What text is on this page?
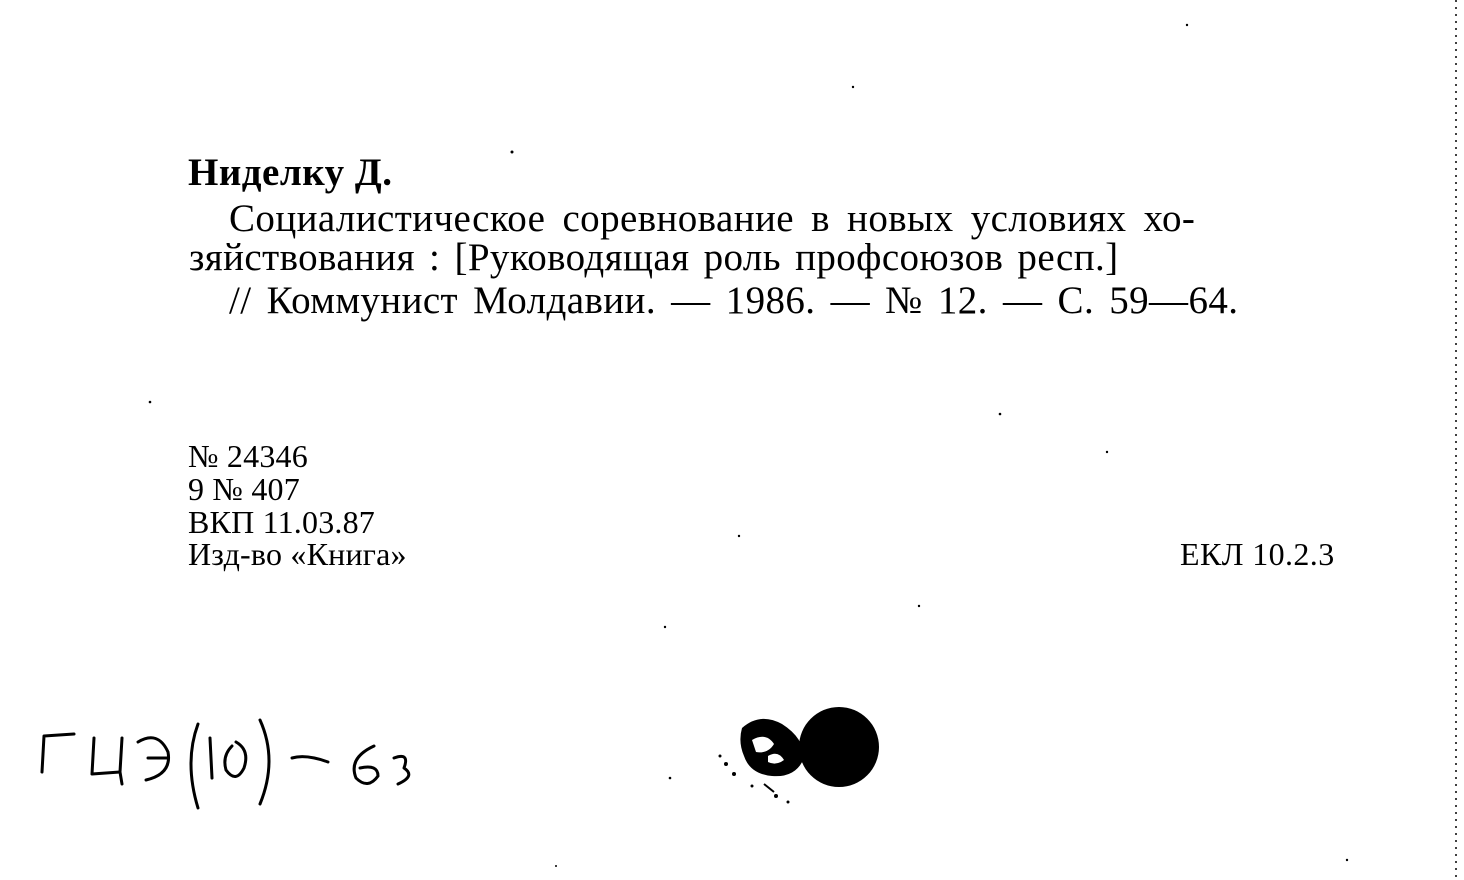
Ниделку Д.
Социалистическое соревнование в новых условиях хо-
зяйствования : [Руководящая роль профсоюзов респ.]
// Коммунист Молдавии. — 1986. — № 12. — С. 59—64.
№ 24346
9 № 407
ВКП 11.03.87
Изд-во «Книга»	ЕКЛ 10.2.3
